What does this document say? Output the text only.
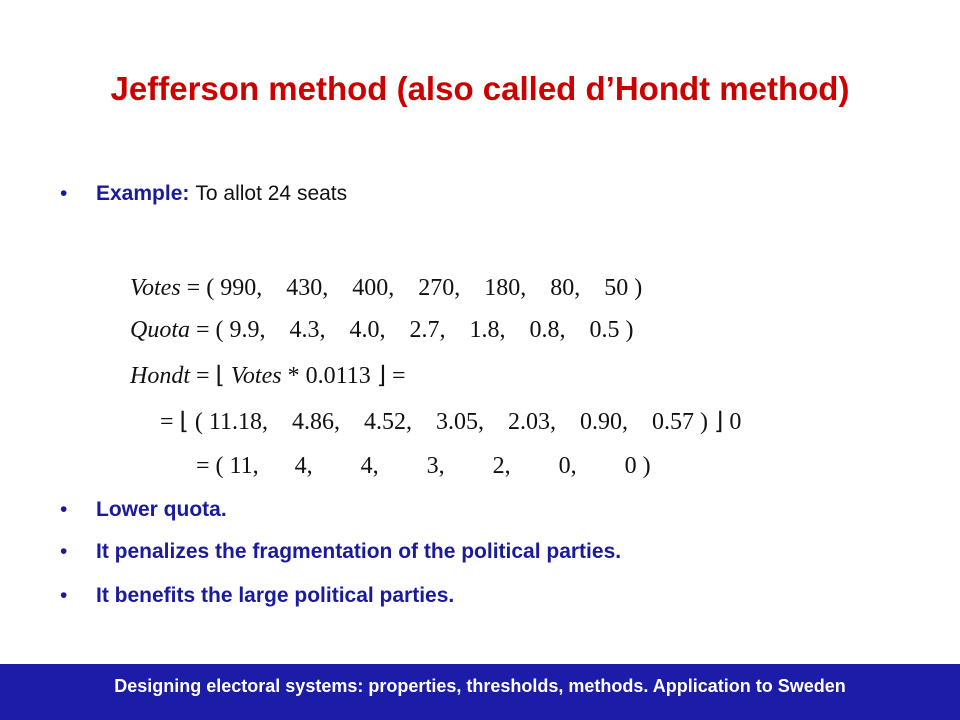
Jefferson method (also called d’Hondt method)
•	Example: To allot 24 seats

Votes = ( 990,    430,    400,    270,    180,    80,    50 )

Quota = ( 9.9,    4.3,    4.0,    2.7,    1.8,    0.8,    0.5 )

Hondt = ⌊ Votes * 0.0113 ⌋ =

= ⌊ ( 11.18,    4.86,    4.52,    3.05,    2.03,    0.90,    0.57 ) ⌋ 0

= ( 11,      4,        4,        3,        2,        0,        0 )

•	Lower quota.
•	It penalizes the fragmentation of the political parties.
•	It benefits the large political parties.
Designing electoral systems: properties, thresholds, methods. Application to Sweden
